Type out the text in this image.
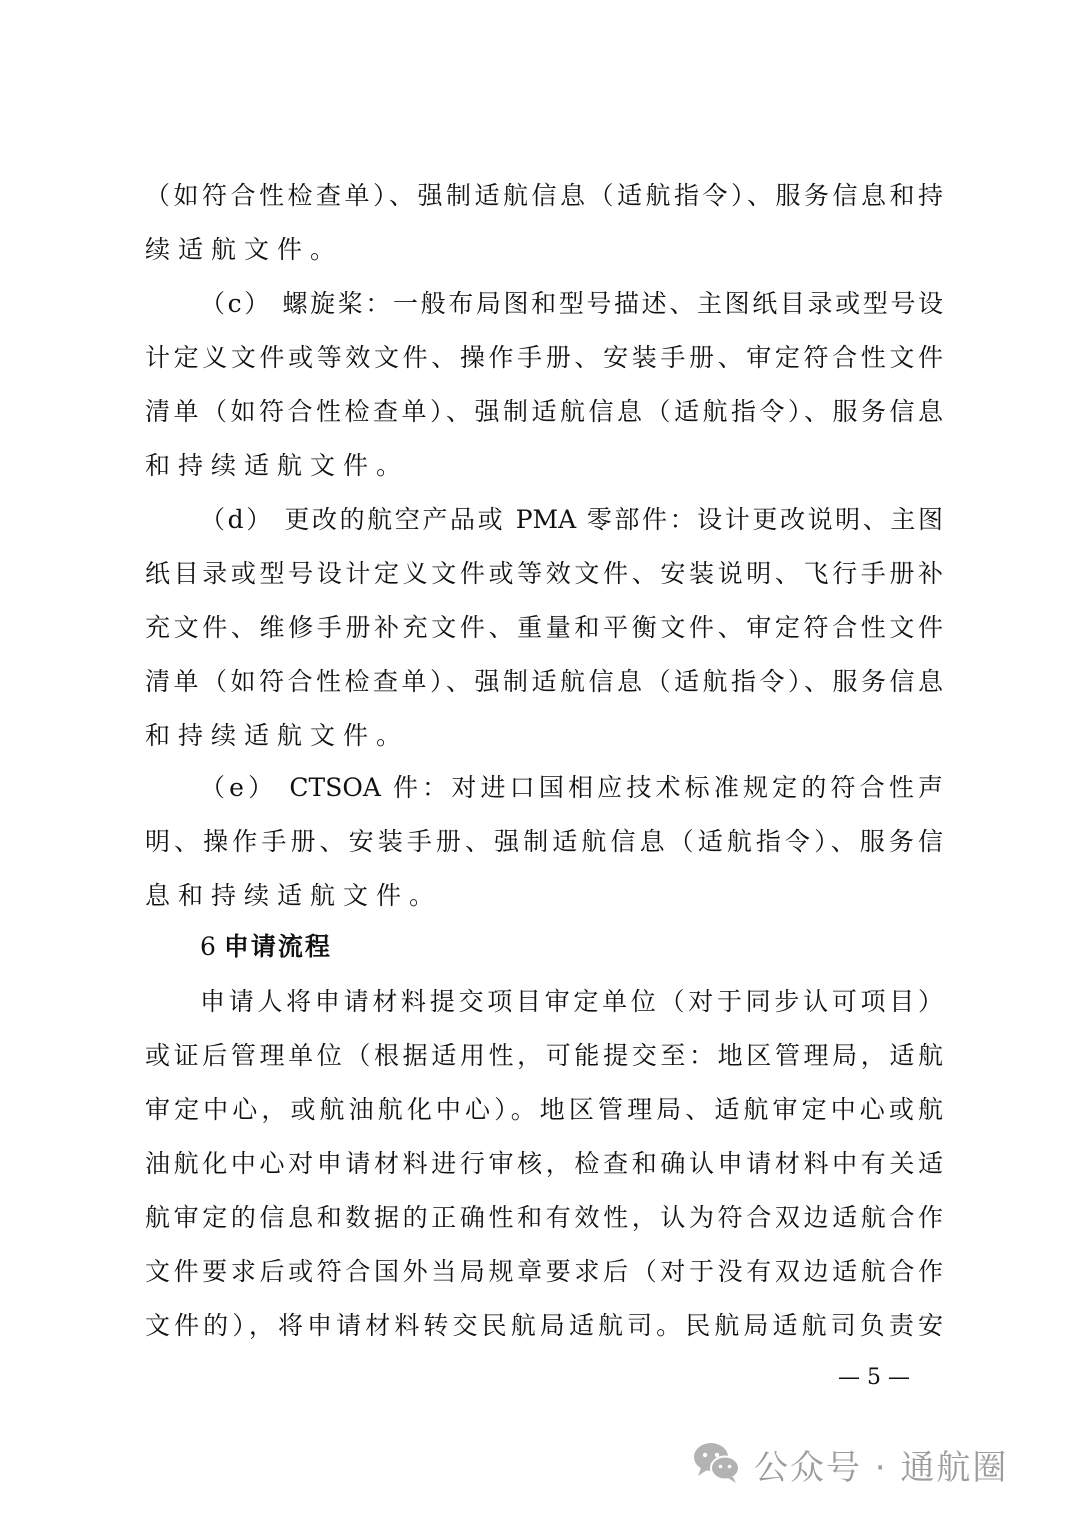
（如符合性检查单）、强制适航信息（适航指令）、服务信息和持
续适航文件。
（c） 螺旋桨：一般布局图和型号描述、主图纸目录或型号设
计定义文件或等效文件、操作手册、安装手册、审定符合性文件
清单（如符合性检查单）、强制适航信息（适航指令）、服务信息
和持续适航文件。
（d） 更改的航空产品或 PMA 零部件：设计更改说明、主图
纸目录或型号设计定义文件或等效文件、安装说明、飞行手册补
充文件、维修手册补充文件、重量和平衡文件、审定符合性文件
清单（如符合性检查单）、强制适航信息（适航指令）、服务信息
和持续适航文件。
（e） CTSOA 件：对进口国相应技术标准规定的符合性声
明、操作手册、安装手册、强制适航信息（适航指令）、服务信
息和持续适航文件。
6 申请流程
申请人将申请材料提交项目审定单位（对于同步认可项目）
或证后管理单位（根据适用性，可能提交至：地区管理局，适航
审定中心，或航油航化中心）。地区管理局、适航审定中心或航
油航化中心对申请材料进行审核，检查和确认申请材料中有关适
航审定的信息和数据的正确性和有效性，认为符合双边适航合作
文件要求后或符合国外当局规章要求后（对于没有双边适航合作
文件的），将申请材料转交民航局适航司。民航局适航司负责安
— 5 —
公众号 · 通航圈
